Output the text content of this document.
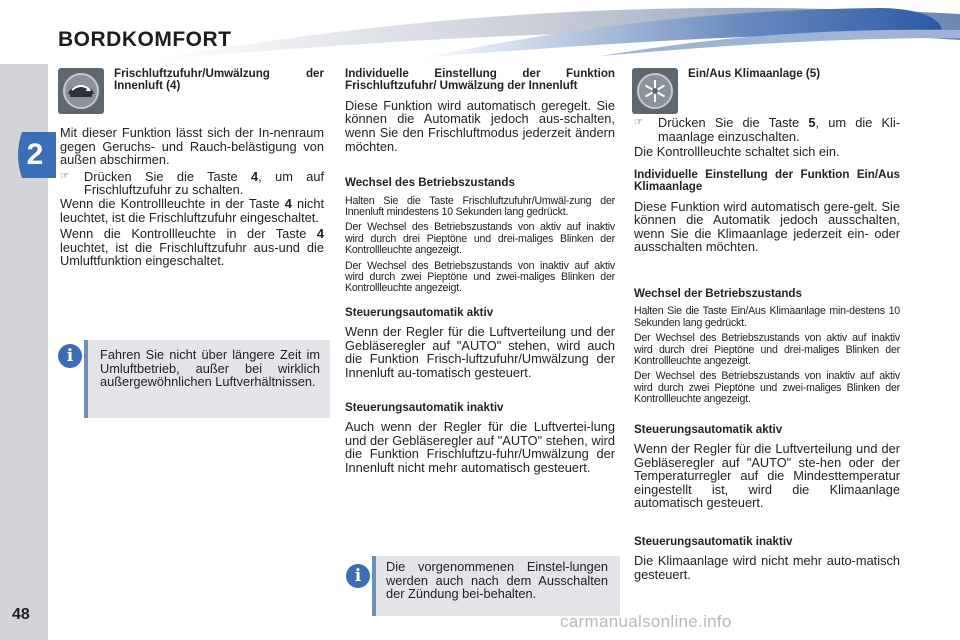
BORDKOMFORT
2
48
Frischluftzufuhr/Umwälzung der Innenluft (4)

Mit dieser Funktion lässt sich der In-nenraum gegen Geruchs- und Rauch-belästigung von außen abschirmen.

☞	Drücken Sie die Taste 4, um auf Frischluftzufuhr zu schalten.

Wenn die Kontrollleuchte in der Taste 4 nicht leuchtet, ist die Frischluftzufuhr eingeschaltet.

Wenn die Kontrollleuchte in der Taste 4 leuchtet, ist die Frischluftzufuhr aus-und die Umluftfunktion eingeschaltet.

i	Fahren Sie nicht über längere Zeit im Umluftbetrieb, außer bei wirklich außergewöhnlichen Luftverhältnissen.
Individuelle Einstellung der Funktion Frischluftzufuhr/ Umwälzung der Innenluft

Diese Funktion wird automatisch geregelt. Sie können die Automatik jedoch aus-schalten, wenn Sie den Frischluftmodus jederzeit ändern möchten.

Wechsel des Betriebszustands

Halten Sie die Taste Frischluftzufuhr/Umwäl-zung der Innenluft mindestens 10 Sekunden lang gedrückt.

Der Wechsel des Betriebszustands von aktiv auf inaktiv wird durch drei Pieptöne und drei-maliges Blinken der Kontrollleuchte angezeigt.

Der Wechsel des Betriebszustands von inaktiv auf aktiv wird durch zwei Pieptöne und zwei-maliges Blinken der Kontrollleuchte angezeigt.

Steuerungsautomatik aktiv

Wenn der Regler für die Luftverteilung und der Gebläseregler auf "AUTO" stehen, wird auch die Funktion Frisch-luftzufuhr/Umwälzung der Innenluft au-tomatisch gesteuert.

Steuerungsautomatik inaktiv

Auch wenn der Regler für die Luftvertei-lung und der Gebläseregler auf "AUTO" stehen, wird die Funktion Frischluftzu-fuhr/Umwälzung der Innenluft nicht mehr automatisch gesteuert.

i	Die vorgenommenen Einstel-lungen werden auch nach dem Ausschalten der Zündung bei-behalten.
Ein/Aus Klimaanlage (5)
☞	Drücken Sie die Taste 5, um die Kli-maanlage einzuschalten.

Die Kontrollleuchte schaltet sich ein.

Individuelle Einstellung der Funktion Ein/Aus Klimaanlage

Diese Funktion wird automatisch gere-gelt. Sie können die Automatik jedoch ausschalten, wenn Sie die Klimaanlage jederzeit ein- oder ausschalten möchten.

Wechsel der Betriebszustands

Halten Sie die Taste Ein/Aus Klimaanlage min-destens 10 Sekunden lang gedrückt.

Der Wechsel des Betriebszustands von aktiv auf inaktiv wird durch drei Pieptöne und drei-maliges Blinken der Kontrollleuchte angezeigt.

Der Wechsel des Betriebszustands von inaktiv auf aktiv wird durch zwei Pieptöne und zwei-maliges Blinken der Kontrollleuchte angezeigt.

Steuerungsautomatik aktiv

Wenn der Regler für die Luftverteilung und der Gebläseregler auf "AUTO" ste-hen oder der Temperaturregler auf die Mindesttemperatur eingestellt ist, wird die Klimaanlage automatisch gesteuert.

Steuerungsautomatik inaktiv

Die Klimaanlage wird nicht mehr auto-matisch gesteuert.

carmanualsonline.info
